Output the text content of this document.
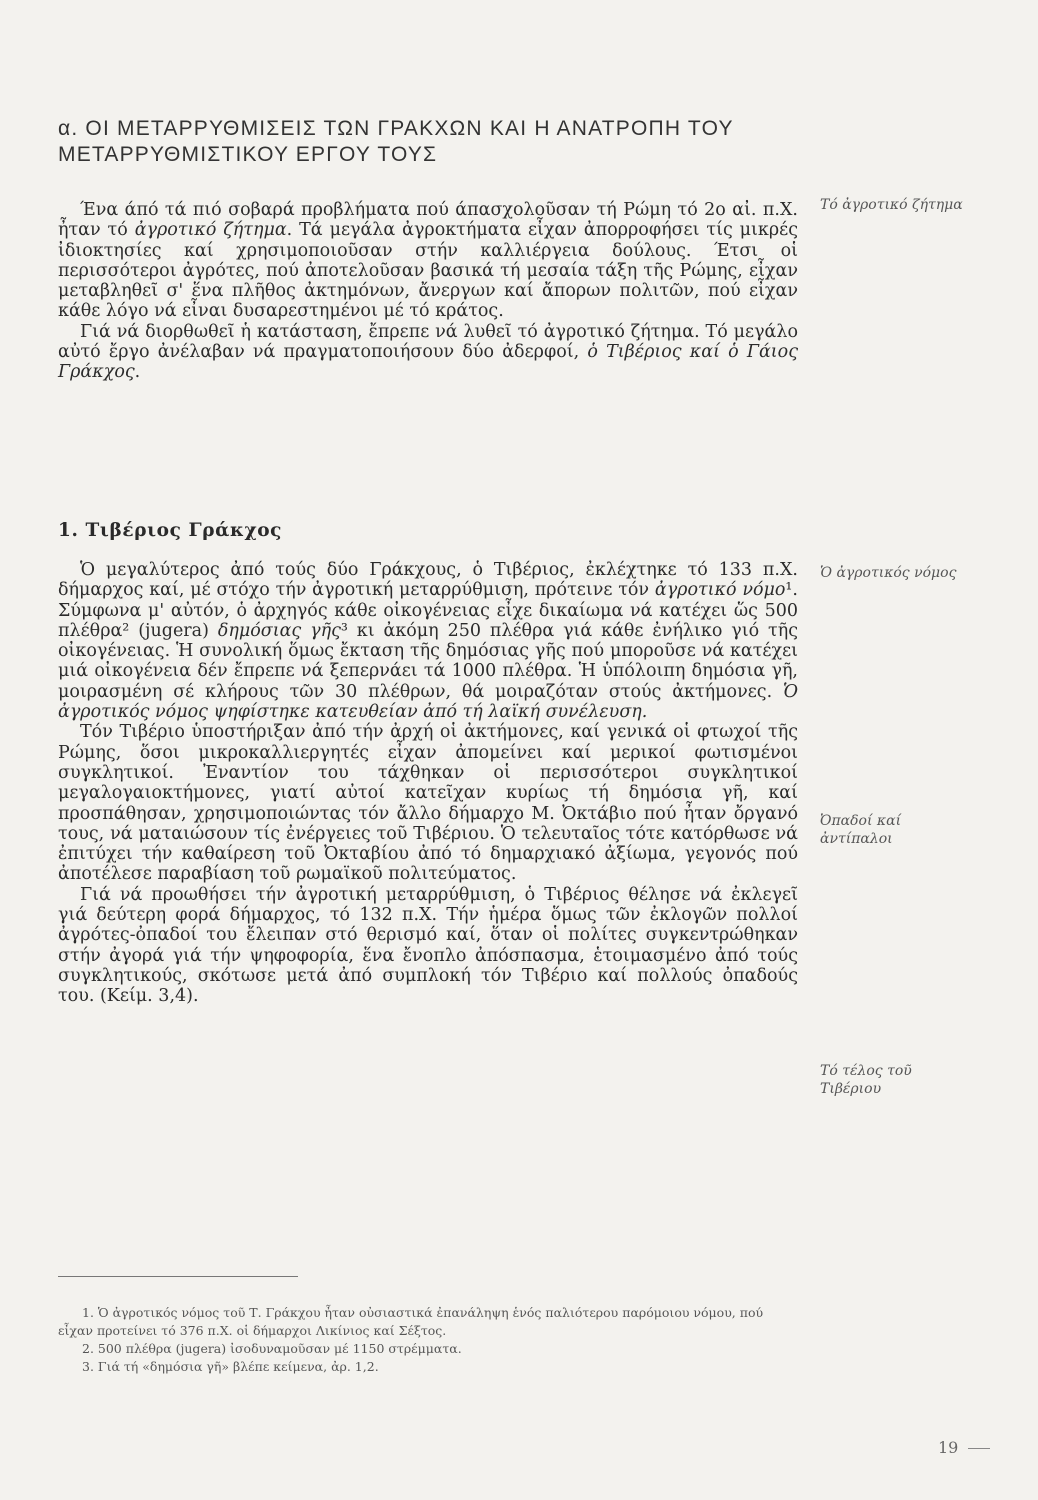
α. ΟΙ ΜΕΤΑΡΡΥΘΜΙΣΕΙΣ ΤΩΝ ΓΡΑΚΧΩΝ ΚΑΙ Η ΑΝΑΤΡΟΠΗ ΤΟΥ ΜΕΤΑΡΡΥΘΜΙΣΤΙΚΟΥ ΕΡΓΟΥ ΤΟΥΣ

Ένα άπό τά πιό σοβαρά προβλήματα πού άπασχολοῦσαν τή Ρώμη τό 2ο αἰ. π.Χ. ἦταν τό ἀγροτικό ζήτημα. Τά μεγάλα ἀγροκτήματα εἶχαν ἀπορροφήσει τίς μικρές ἰδιοκτησίες καί χρησιμοποιοῦσαν στήν καλλιέργεια δούλους. Έτσι οἱ περισσότεροι ἀγρότες, πού ἀποτελοῦσαν βασικά τή μεσαία τάξη τῆς Ρώμης, εἶχαν μεταβληθεῖ σ' ἕνα πλῆθος ἀκτημόνων, ἄνεργων καί ἄπορων πολιτῶν, πού εἶχαν κάθε λόγο νά εἶναι δυσαρεστημένοι μέ τό κράτος.

Γιά νά διορθωθεῖ ἡ κατάσταση, ἔπρεπε νά λυθεῖ τό ἀγροτικό ζήτημα. Τό μεγάλο αὐτό ἔργο ἀνέλαβαν νά πραγματοποιήσουν δύο ἀδερφοί, ὁ Τιβέριος καί ὁ Γάιος Γράκχος.

1. Τιβέριος Γράκχος

Ὁ μεγαλύτερος ἀπό τούς δύο Γράκχους, ὁ Τιβέριος, ἐκλέχτηκε τό 133 π.Χ. δήμαρχος καί, μέ στόχο τήν ἀγροτική μεταρρύθμιση, πρότεινε τόν ἀγροτικό νόμο¹. Σύμφωνα μ' αὐτόν, ὁ ἀρχηγός κάθε οἰκογένειας εἶχε δικαίωμα νά κατέχει ὥς 500 πλέθρα² (jugera) δημόσιας γῆς³ κι ἀκόμη 250 πλέθρα γιά κάθε ἐνήλικο γιό τῆς οἰκογένειας. Ἡ συνολική ὅμως ἔκταση τῆς δημόσιας γῆς πού μποροῦσε νά κατέχει μιά οἰκογένεια δέν ἔπρεπε νά ξεπερνάει τά 1000 πλέθρα. Ἡ ὑπόλοιπη δημόσια γῆ, μοιρασμένη σέ κλήρους τῶν 30 πλέθρων, θά μοιραζόταν στούς ἀκτήμονες. Ὁ ἀγροτικός νόμος ψηφίστηκε κατευθείαν ἀπό τή λαϊκή συνέλευση.

Τόν Τιβέριο ὑποστήριξαν ἀπό τήν ἀρχή οἱ ἀκτήμονες, καί γενικά οἱ φτωχοί τῆς Ρώμης, ὅσοι μικροκαλλιεργητές εἶχαν ἀπομείνει καί μερικοί φωτισμένοι συγκλητικοί. Ἐναντίον του τάχθηκαν οἱ περισσότεροι συγκλητικοί μεγαλογαιοκτήμονες, γιατί αὐτοί κατεῖχαν κυρίως τή δημόσια γῆ, καί προσπάθησαν, χρησιμοποιώντας τόν ἄλλο δήμαρχο Μ. Ὀκτάβιο πού ἦταν ὄργανό τους, νά ματαιώσουν τίς ἐνέργειες τοῦ Τιβέριου. Ὁ τελευταῖος τότε κατόρθωσε νά ἐπιτύχει τήν καθαίρεση τοῦ Ὀκταβίου ἀπό τό δημαρχιακό ἀξίωμα, γεγονός πού ἀποτέλεσε παραβίαση τοῦ ρωμαϊκοῦ πολιτεύματος.

Γιά νά προωθήσει τήν ἀγροτική μεταρρύθμιση, ὁ Τιβέριος θέλησε νά ἐκλεγεῖ γιά δεύτερη φορά δήμαρχος, τό 132 π.Χ. Τήν ἡμέρα ὅμως τῶν ἐκλογῶν πολλοί ἀγρότες-ὀπαδοί του ἔλειπαν στό θερισμό καί, ὅταν οἱ πολίτες συγκεντρώθηκαν στήν ἀγορά γιά τήν ψηφοφορία, ἕνα ἔνοπλο ἀπόσπασμα, ἑτοιμασμένο ἀπό τούς συγκλητικούς, σκότωσε μετά ἀπό συμπλοκή τόν Τιβέριο καί πολλούς ὀπαδούς του. (Κείμ. 3,4).

Τό ἀγροτικό ζήτημα
Ὁ ἀγροτικός νόμος
Ὀπαδοί καί ἀντίπαλοι
Τό τέλος τοῦ Τιβέριου
1. Ὁ ἀγροτικός νόμος τοῦ Τ. Γράκχου ἦταν οὐσιαστικά ἐπανάληψη ἑνός παλιότερου παρόμοιου νόμου, πού εἶχαν προτείνει τό 376 π.Χ. οἱ δήμαρχοι Λικίνιος καί Σέξτος.
2. 500 πλέθρα (jugera) ἰσοδυναμοῦσαν μέ 1150 στρέμματα.
3. Γιά τή «δημόσια γῆ» βλέπε κείμενα, ἀρ. 1,2.
19
